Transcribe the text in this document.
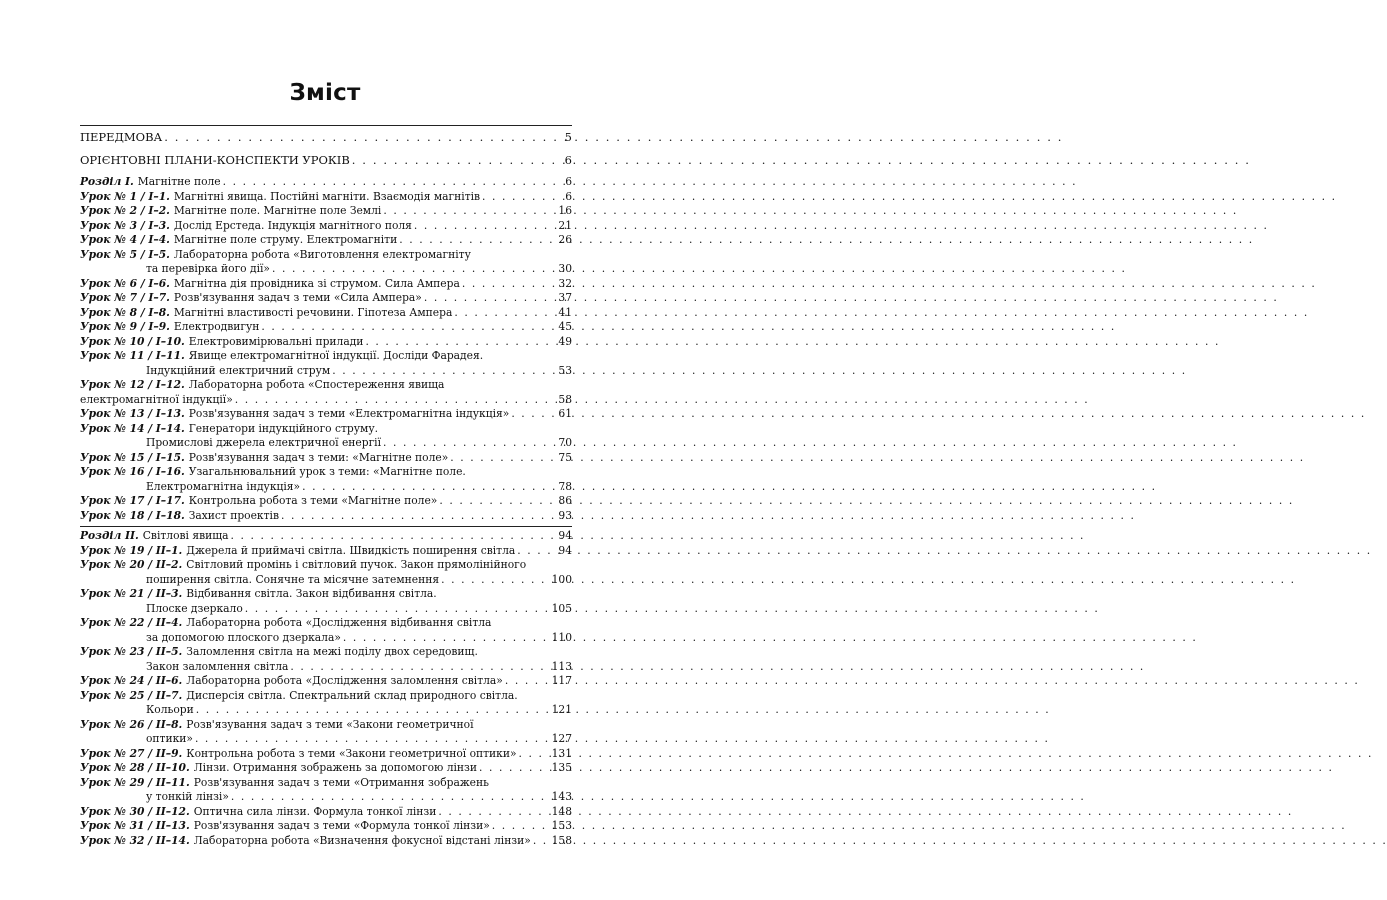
Зміст
ПЕРЕДМОВА . . .	5
ОРІЄНТОВНІ ПЛАНИ-КОНСПЕКТИ УРОКІВ . . .	6
Розділ I. Магнітне поле . . .	6
Урок № 1 / I–1. Магнітні явища. Постійні магніти. Взаємодія магнітів . . .	6
Урок № 2 / I–2. Магнітне поле. Магнітне поле Землі . . .	16
Урок № 3 / I–3. Дослід Ерстеда. Індукція магнітного поля . . .	21
Урок № 4 / I–4. Магнітне поле струму. Електромагніти . . .	26
Урок № 5 / I–5. Лабораторна робота «Виготовлення електромагніту
та перевірка його дії» . . .	30
Урок № 6 / I–6. Магнітна дія провідника зі струмом. Сила Ампера . . .	32
Урок № 7 / I–7. Розв'язування задач з теми «Сила Ампера» . . .	37
Урок № 8 / I–8. Магнітні властивості речовини. Гіпотеза Ампера . . .	41
Урок № 9 / I–9. Електродвигун . . .	45
Урок № 10 / I–10. Електровимірювальні прилади . . .	49
Урок № 11 / I–11. Явище електромагнітної індукції. Досліди Фарадея.
Індукційний електричний струм . . .	53
Урок № 12 / I–12. Лабораторна робота «Спостереження явища
електромагнітної індукції» . . .	58
Урок № 13 / I–13. Розв'язування задач з теми «Електромагнітна індукція» . . .	61
Урок № 14 / I–14. Генератори індукційного струму.
Промислові джерела електричної енергії . . .	70
Урок № 15 / I–15. Розв'язування задач з теми: «Магнітне поле» . . .	75
Урок № 16 / I–16. Узагальнювальний урок з теми: «Магнітне поле.
Електромагнітна індукція» . . .	78
Урок № 17 / I–17. Контрольна робота з теми «Магнітне поле» . . .	86
Урок № 18 / I–18. Захист проектів . . .	93
Розділ II. Світлові явища . . .	94
Урок № 19 / II–1. Джерела й приймачі світла. Швидкість поширення світла . . .	94
Урок № 20 / II–2. Світловий промінь і світловий пучок. Закон прямолінійного
поширення світла. Сонячне та місячне затемнення . . .	100
Урок № 21 / II–3. Відбивання світла. Закон відбивання світла.
Плоске дзеркало . . .	105
Урок № 22 / II–4. Лабораторна робота «Дослідження відбивання світла
за допомогою плоского дзеркала» . . .	110
Урок № 23 / II–5. Заломлення світла на межі поділу двох середовищ.
Закон заломлення світла . . .	113
Урок № 24 / II–6. Лабораторна робота «Дослідження заломлення світла» . . .	117
Урок № 25 / II–7. Дисперсія світла. Спектральний склад природного світла.
Кольори . . .	121
Урок № 26 / II–8. Розв'язування задач з теми «Закони геометричної
оптики» . . .	127
Урок № 27 / II–9. Контрольна робота з теми «Закони геометричної оптики» . . .	131
Урок № 28 / II–10. Лінзи. Отримання зображень за допомогою лінзи . . .	135
Урок № 29 / II–11. Розв'язування задач з теми «Отримання зображень
у тонкій лінзі» . . .	143
Урок № 30 / II–12. Оптична сила лінзи. Формула тонкої лінзи . . .	148
Урок № 31 / II–13. Розв'язування задач з теми «Формула тонкої лінзи» . . .	153
Урок № 32 / II–14. Лабораторна робота «Визначення фокусної відстані лінзи» . . . 158
